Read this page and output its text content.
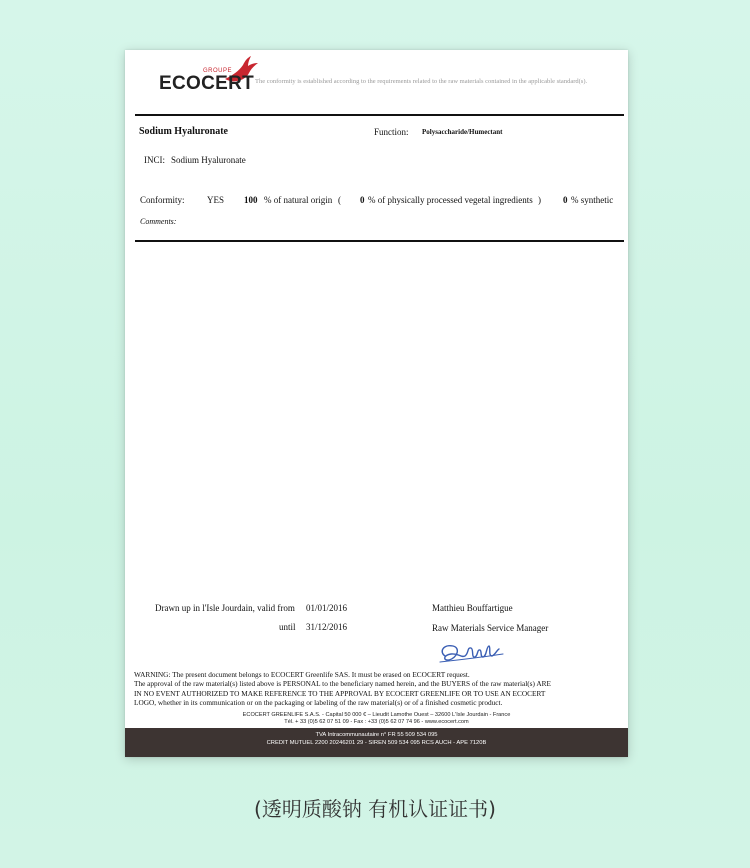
GROUPE
ECOCERT The conformity is established according to the requirements related to the raw materials contained in the applicable standard(s).
Sodium Hyaluronate	Function: Polysaccharide/Humectant
INCI: Sodium Hyaluronate
Conformity:	YES 100 % of natural origin ( 0 % of physically processed vegetal ingredients ) 0 % synthetic
Comments:
Drawn up in l'Isle Jourdain, valid from 01/01/2016
until 31/12/2016
Matthieu Bouffartigue
Raw Materials Service Manager
WARNING: The present document belongs to ECOCERT Greenlife SAS. It must be erased on ECOCERT request.
The approval of the raw material(s) listed above is PERSONAL to the beneficiary named herein, and the BUYERS of the raw material(s) ARE
IN NO EVENT AUTHORIZED TO MAKE REFERENCE TO THE APPROVAL BY ECOCERT GREENLIFE OR TO USE AN ECOCERT
LOGO, whether in its communication or on the packaging or labeling of the raw material(s) or of a finished cosmetic product.
ECOCERT GREENLIFE S.A.S. - Capital 50 000 € – Lieudit Lamothe Ouest – 32600 L'Isle Jourdain - France
Tél. + 33 (0)5 62 07 51 09 - Fax : +33 (0)5 62 07 74 96 - www.ecocert.com
TVA Intracommunautaire n° FR 55 509 534 095
CREDIT MUTUEL 2200 20246201 29 - SIREN 509 534 095 RCS AUCH - APE 7120B
(透明质酸钠 有机认证证书)
